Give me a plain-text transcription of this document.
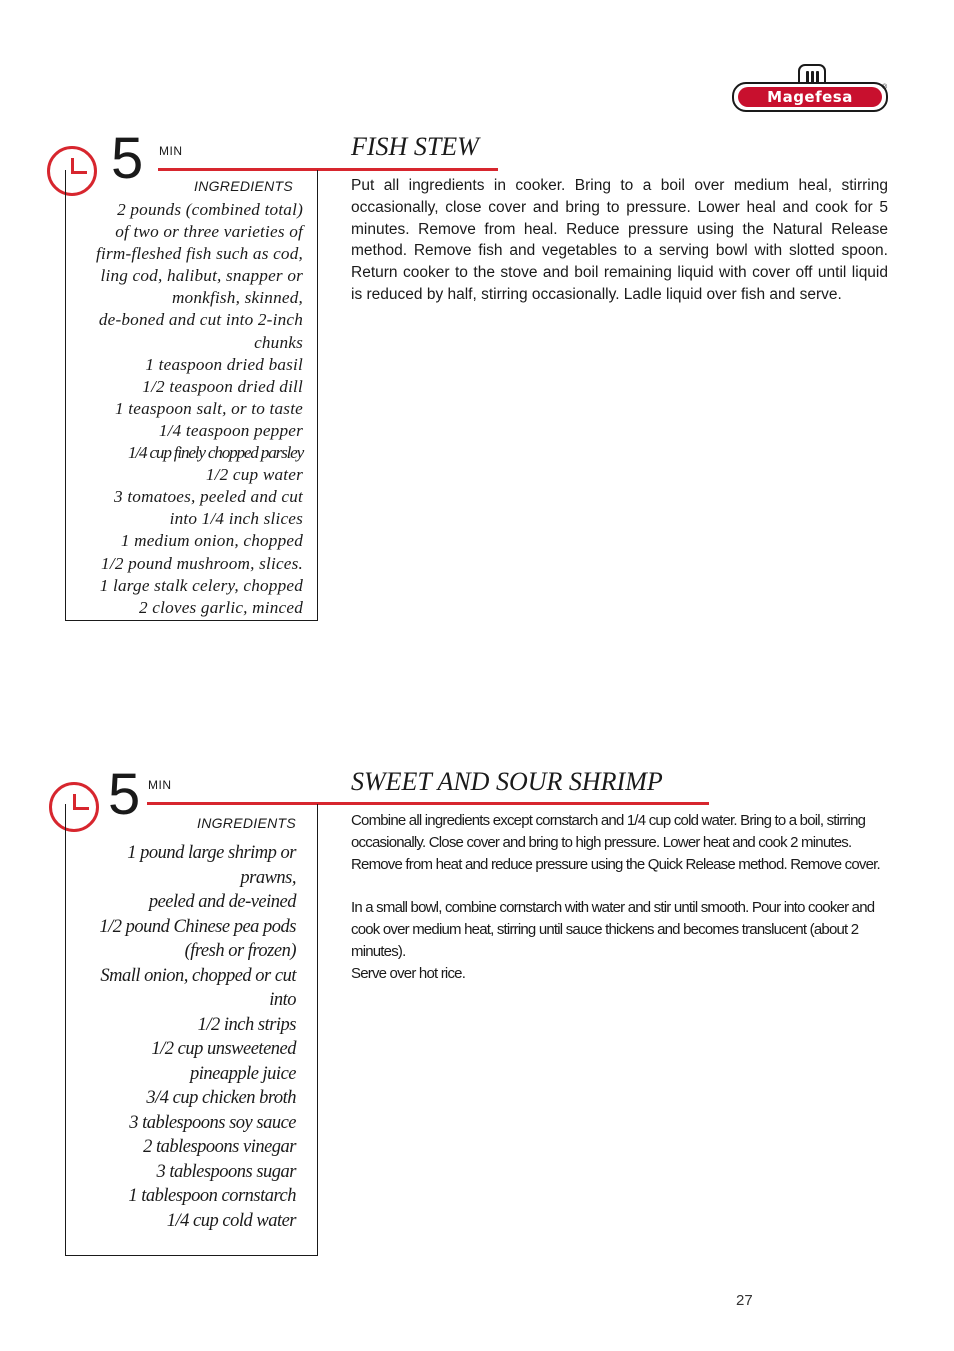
Magefesa
®
5 MIN	FISH STEW
INGREDIENTS
2 pounds (combined total)
of two or three varieties of
firm-fleshed fish such as cod,
ling cod, halibut, snapper or
monkfish, skinned,
de-boned and cut into 2-inch
chunks
1 teaspoon dried basil
1/2 teaspoon dried dill
1 teaspoon salt, or to taste
1/4 teaspoon pepper
1/4 cup finely chopped parsley
1/2 cup water
3 tomatoes, peeled and cut
into 1/4 inch slices
1 medium onion, chopped
1/2 pound mushroom, slices.
1 large stalk celery, chopped
2 cloves garlic, minced
Put all ingredients in cooker. Bring to a boil over medium heal, stirring occasionally, close cover and bring to pressure. Lower heal and cook for 5 minutes. Remove from heal. Reduce pressure using the Natural Release method. Remove fish and vegetables to a serving bowl with slotted spoon. Return cooker to the stove and boil remaining liquid with cover off until liquid is reduced by half, stirring occasionally. Ladle liquid over fish and serve.
5 MIN	SWEET AND SOUR SHRIMP
INGREDIENTS
1 pound large shrimp or
prawns,
peeled and de-veined
1/2 pound Chinese pea pods
(fresh or frozen)
Small onion, chopped or cut
into
1/2 inch strips
1/2 cup unsweetened
pineapple juice
3/4 cup chicken broth
3 tablespoons soy sauce
2 tablespoons vinegar
3 tablespoons sugar
1 tablespoon cornstarch
1/4 cup cold water

Combine all ingredients except cornstarch and 1/4 cup cold water. Bring to a boil, stirring occasionally. Close cover and bring to high pressure. Lower heat and cook 2 minutes. Remove from heat and reduce pressure using the Quick Release method. Remove cover.

In a small bowl, combine cornstarch with water and stir until smooth. Pour into cooker and cook over medium heat, stirring until sauce thickens and becomes translucent (about 2 minutes).
Serve over hot rice.

27
